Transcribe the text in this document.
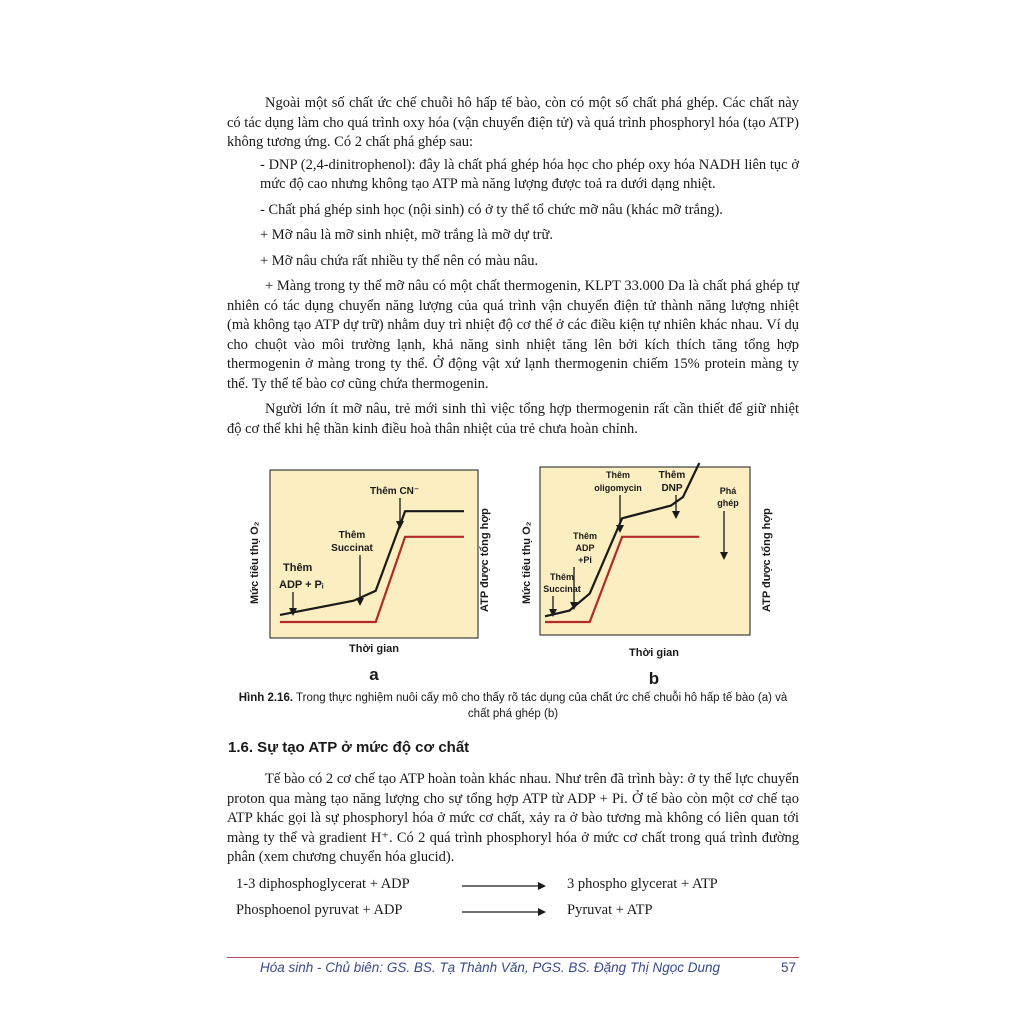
Ngoài một số chất ức chế chuỗi hô hấp tế bào, còn có một số chất phá ghép. Các chất này có tác dụng làm cho quá trình oxy hóa (vận chuyển điện tử) và quá trình phosphoryl hóa (tạo ATP) không tương ứng. Có 2 chất phá ghép sau:

- DNP (2,4-dinitrophenol): đây là chất phá ghép hóa học cho phép oxy hóa NADH liên tục ở mức độ cao nhưng không tạo ATP mà năng lượng được toả ra dưới dạng nhiệt.

- Chất phá ghép sinh học (nội sinh) có ở ty thể tổ chức mỡ nâu (khác mỡ trắng).

+ Mỡ nâu là mỡ sinh nhiệt, mỡ trắng là mỡ dự trữ.

+ Mỡ nâu chứa rất nhiều ty thể nên có màu nâu.

+ Màng trong ty thể mỡ nâu có một chất thermogenin, KLPT 33.000 Da là chất phá ghép tự nhiên có tác dụng chuyển năng lượng của quá trình vận chuyển điện tử thành năng lượng nhiệt (mà không tạo ATP dự trữ) nhằm duy trì nhiệt độ cơ thể ở các điều kiện tự nhiên khác nhau. Ví dụ cho chuột vào môi trường lạnh, khả năng sinh nhiệt tăng lên bởi kích thích tăng tổng hợp thermogenin ở màng trong ty thể. Ở động vật xứ lạnh thermogenin chiếm 15% protein màng ty thể. Ty thể tế bào cơ cũng chứa thermogenin.

Người lớn ít mỡ nâu, trẻ mới sinh thì việc tổng hợp thermogenin rất cần thiết để giữ nhiệt độ cơ thể khi hệ thần kinh điều hoà thân nhiệt của trẻ chưa hoàn chỉnh.

Mức tiêu thụ O₂	ATP được tổng hợp
Thời gian
a
Thêm CN⁻
Thêm
Succinat
Thêm
ADP + Pᵢ	Mức tiêu thụ O₂	ATP được tổng hợp
Thời gian
b
Thêm
oligomycin
Thêm
DNP	Phá
ghép
Thêm
ADP
+Pi
Thêm
Succinat
Hình 2.16. Trong thực nghiệm nuôi cấy mô cho thấy rõ tác dụng của chất ức chế chuỗi hô hấp tế bào (a) và chất phá ghép (b)
1.6. Sự tạo ATP ở mức độ cơ chất

Tế bào có 2 cơ chế tạo ATP hoàn toàn khác nhau. Như trên đã trình bày: ở ty thể lực chuyển proton qua màng tạo năng lượng cho sự tổng hợp ATP từ ADP + Pi. Ở tế bào còn một cơ chế tạo ATP khác gọi là sự phosphoryl hóa ở mức cơ chất, xảy ra ở bào tương mà không có liên quan tới màng ty thể và gradient H⁺. Có 2 quá trình phosphoryl hóa ở mức cơ chất trong quá trình đường phân (xem chương chuyển hóa glucid).

1-3 diphosphoglycerat + ADP	3 phospho glycerat + ATP
Phosphoenol pyruvat + ADP	Pyruvat + ATP
Hóa sinh - Chủ biên: GS. BS. Tạ Thành Văn, PGS. BS. Đặng Thị Ngọc Dung	57
